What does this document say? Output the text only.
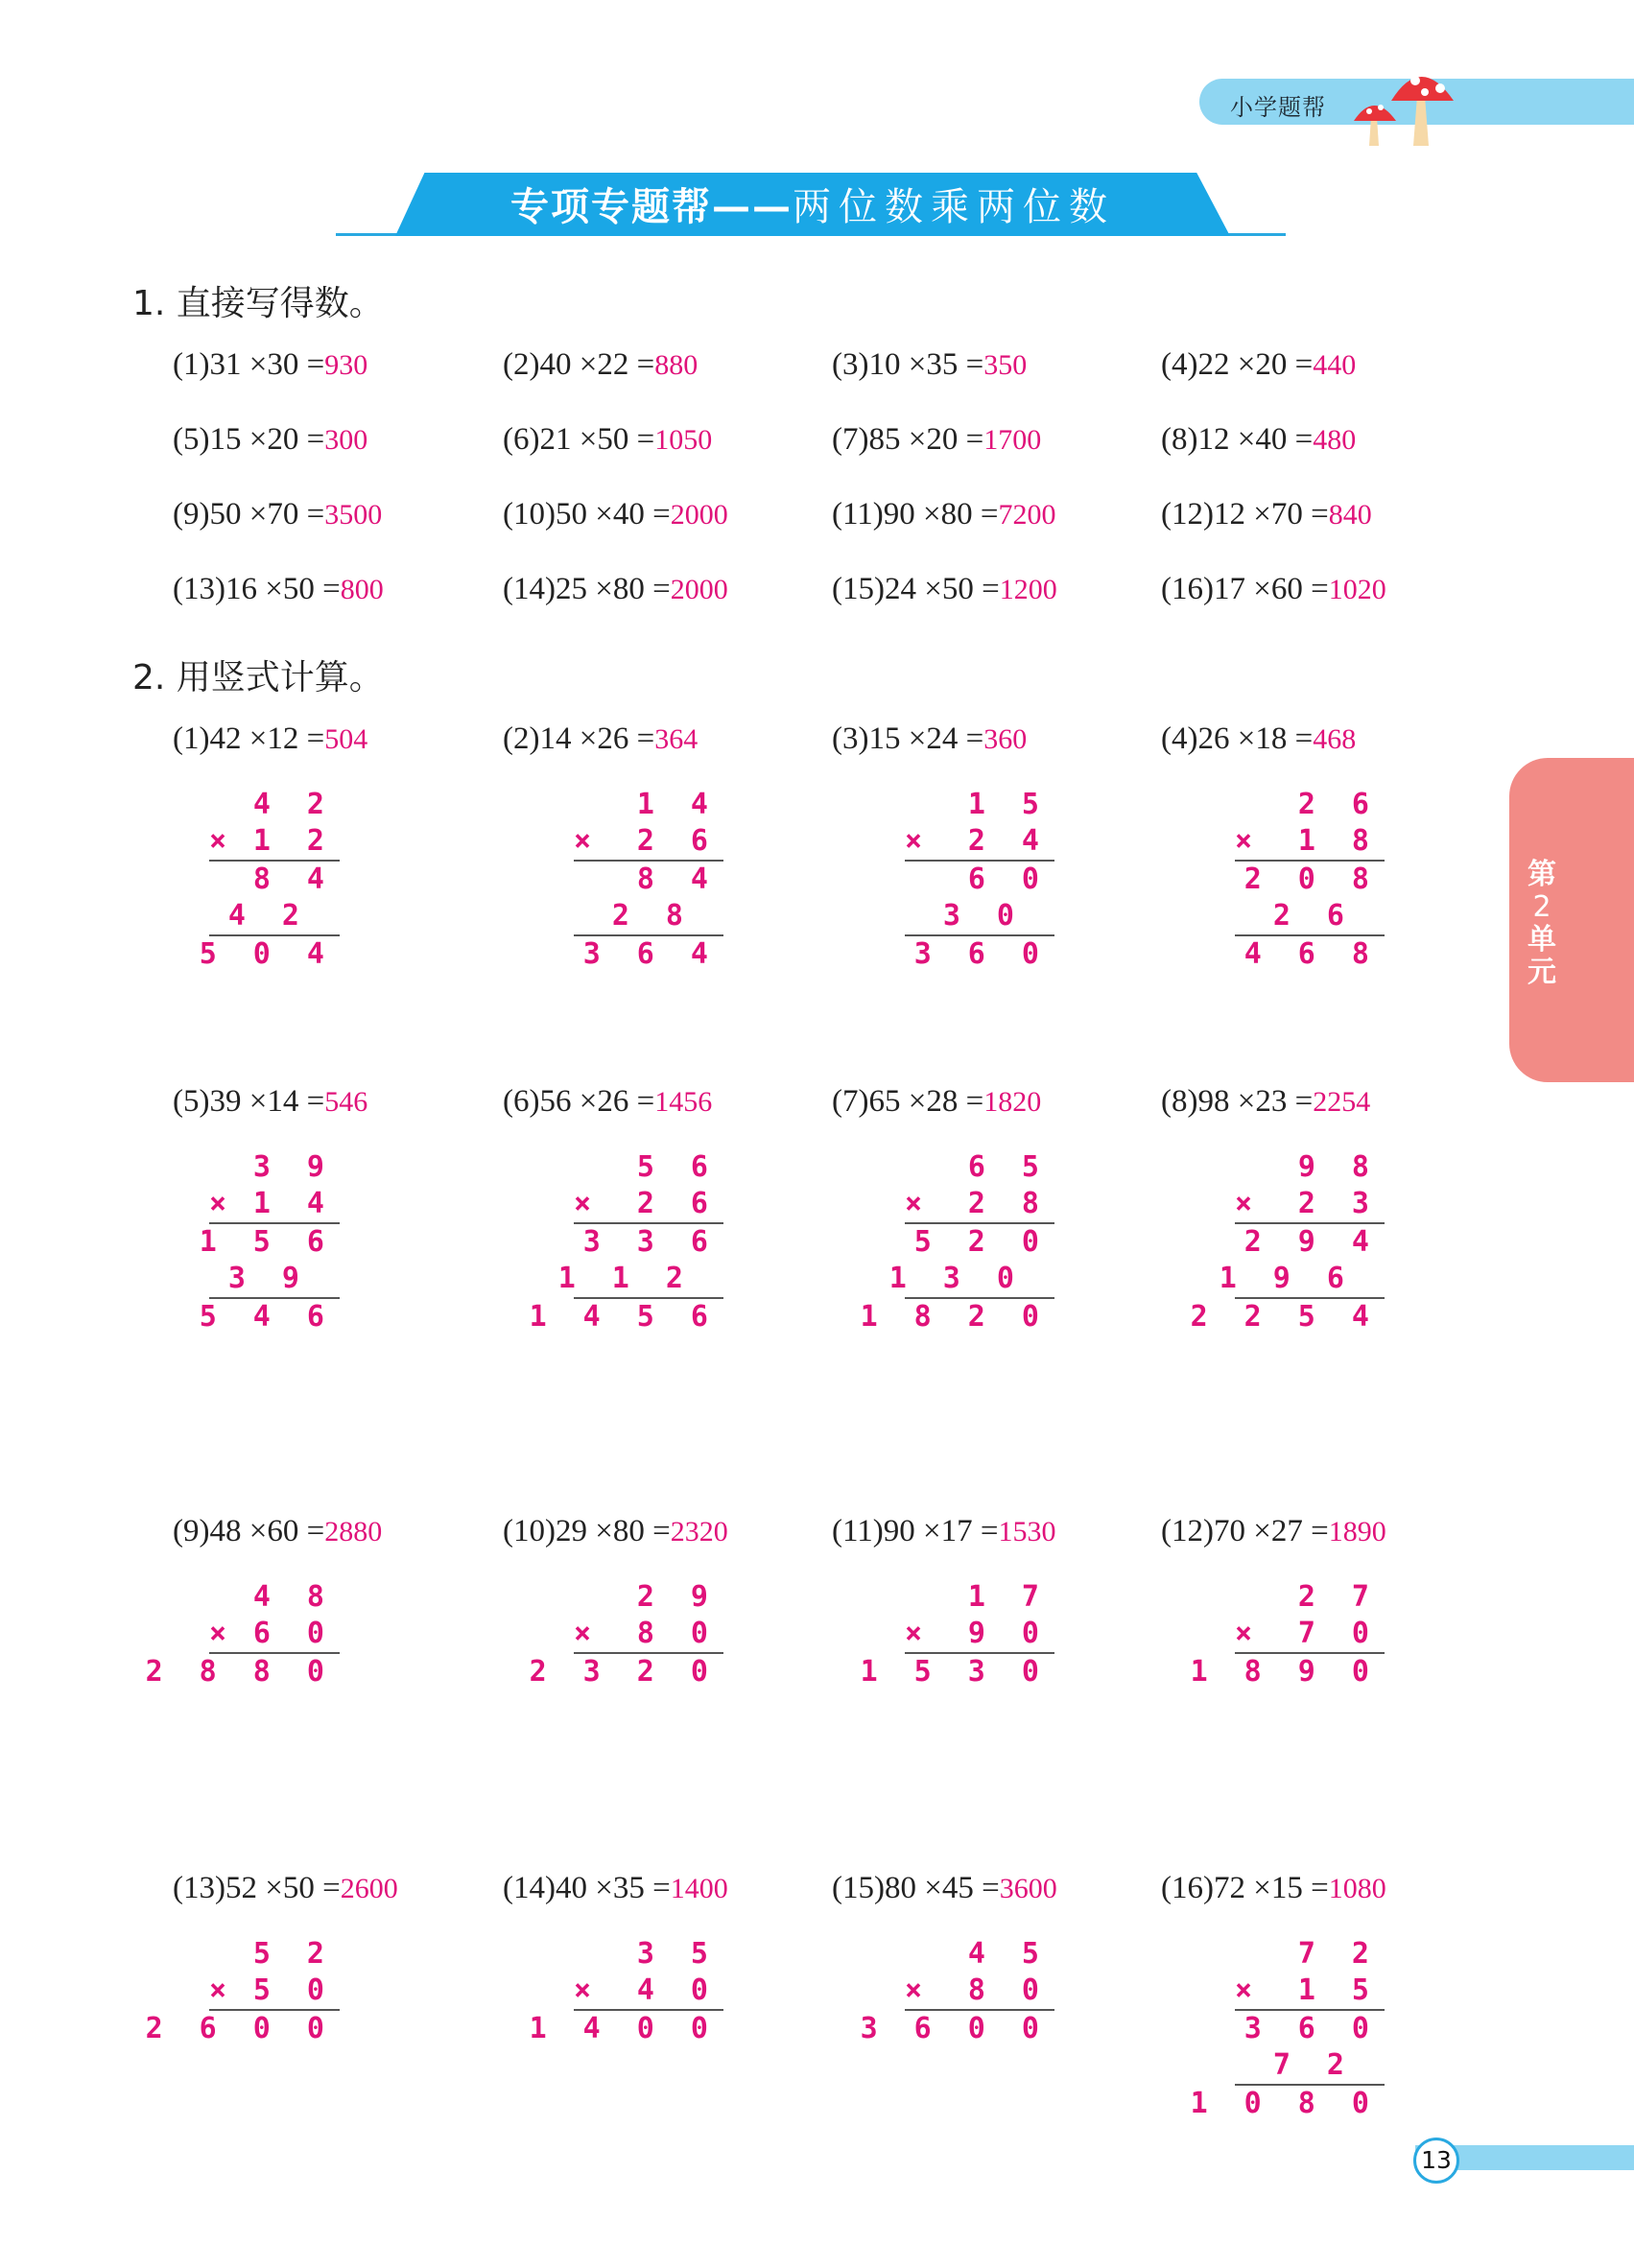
小学题帮
专项专题帮——两位数乘两位数
1. 直接写得数。
(1)31 ×30 =930	(2)40 ×22 =880	(3)10 ×35 =350	(4)22 ×20 =440
(5)15 ×20 =300	(6)21 ×50 =1050	(7)85 ×20 =1700	(8)12 ×40 =480
(9)50 ×70 =3500	(10)50 ×40 =2000	(11)90 ×80 =7200	(12)12 ×70 =840
(13)16 ×50 =800	(14)25 ×80 =2000	(15)24 ×50 =1200	(16)17 ×60 =1020
2. 用竖式计算。
(1)42 ×12 =504
4 2
× 1 2
8 4
4 2
5 0 4
(2)14 ×26 =364
1 4
× 2 6
8 4
2 8
3 6 4
(3)15 ×24 =360
1 5
× 2 4
6 0
3 0
3 6 0
(4)26 ×18 =468
2 6
× 1 8
2 0 8
2 6
4 6 8
(5)39 ×14 =546
3 9
× 1 4
1 5 6
3 9
5 4 6
(6)56 ×26 =1456
5 6
× 2 6
3 3 6
1 1 2
1 4 5 6
(7)65 ×28 =1820
6 5
× 2 8
5 2 0
1 3 0
1 8 2 0
(8)98 ×23 =2254
9 8
× 2 3
2 9 4
1 9 6
2 2 5 4
(9)48 ×60 =2880
4 8
× 6 0
2 8 8 0
(10)29 ×80 =2320
2 9
× 8 0
2 3 2 0
(11)90 ×17 =1530
1 7
× 9 0
1 5 3 0
(12)70 ×27 =1890
2 7
× 7 0
1 8 9 0
(13)52 ×50 =2600
5 2
× 5 0
2 6 0 0
(14)40 ×35 =1400
3 5
× 4 0
1 4 0 0
(15)80 ×45 =3600
4 5
× 8 0
3 6 0 0
(16)72 ×15 =1080
7 2
× 1 5
3 6 0
7 2
1 0 8 0
第
2
单
元
13
